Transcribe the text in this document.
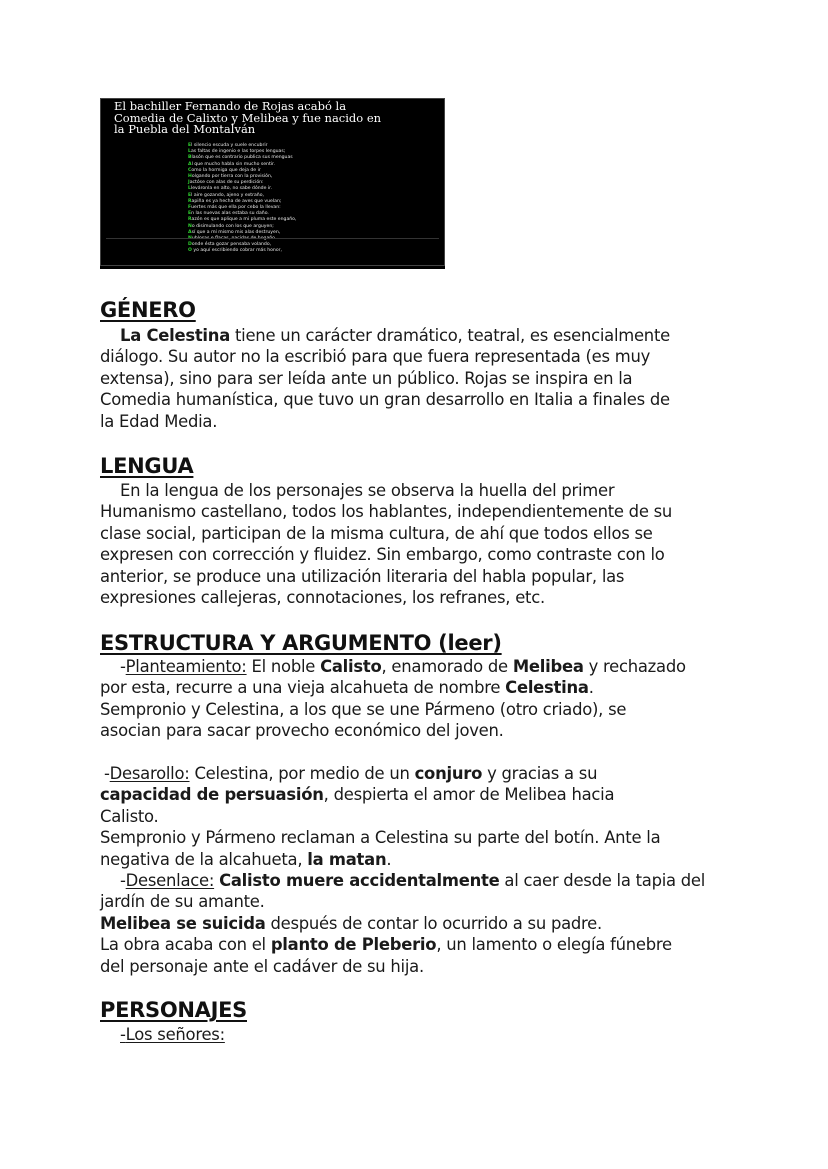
El bachiller Fernando de Rojas acabó la
Comedia de Calixto y Melibea y fue nacido en
la Puebla del Montalván
El silencio escuda y suele encubrir
Las faltas de ingenio e las torpes lenguas;
Blasón que es contrario publica sus menguas
Al que mucho habla sin mucho sentir.
Como la hormiga que deja de ir
Holgando por tierra con la provisión,
Jactóse con alas de su perdición:
Lleváronla en alto, no sabe dónde ir.
El aire gozando, ajeno y extraño,
Rapiña es ya hecha de aves que vuelan;
Fuertes más que ella por cebo la llevan:
En las nuevas alas estaba su daño.
Razón es que aplique a mi pluma este engaño,
No disimulando con los que arguyen;
Así que a mí mismo mis alas destruyen,
Donde ésta gozar pensaba volando,
O yo aquí escribiendo cobrar más honor,
GÉNERO
La Celestina tiene un carácter dramático, teatral, es esencialmente
diálogo. Su autor no la escribió para que fuera representada (es muy
extensa), sino para ser leída ante un público. Rojas se inspira en la
Comedia humanística, que tuvo un gran desarrollo en Italia a finales de
la Edad Media.
LENGUA
En la lengua de los personajes se observa la huella del primer
Humanismo castellano, todos los hablantes, independientemente de su
clase social, participan de la misma cultura, de ahí que todos ellos se
expresen con corrección y fluidez. Sin embargo, como contraste con lo
anterior, se produce una utilización literaria del habla popular, las
expresiones callejeras, connotaciones, los refranes, etc.
ESTRUCTURA Y ARGUMENTO (leer)
-Planteamiento: El noble Calisto, enamorado de Melibea y rechazado
por esta, recurre a una vieja alcahueta de nombre Celestina.
Sempronio y Celestina, a los que se une Pármeno (otro criado), se
asocian para sacar provecho económico del joven.

-Desarollo: Celestina, por medio de un conjuro y gracias a su
capacidad de persuasión, despierta el amor de Melibea hacia
Calisto.
Sempronio y Pármeno reclaman a Celestina su parte del botín. Ante la
negativa de la alcahueta, la matan.
-Desenlace: Calisto muere accidentalmente al caer desde la tapia del
jardín de su amante.
Melibea se suicida después de contar lo ocurrido a su padre.
La obra acaba con el planto de Pleberio, un lamento o elegía fúnebre
del personaje ante el cadáver de su hija.
PERSONAJES
-Los señores:
